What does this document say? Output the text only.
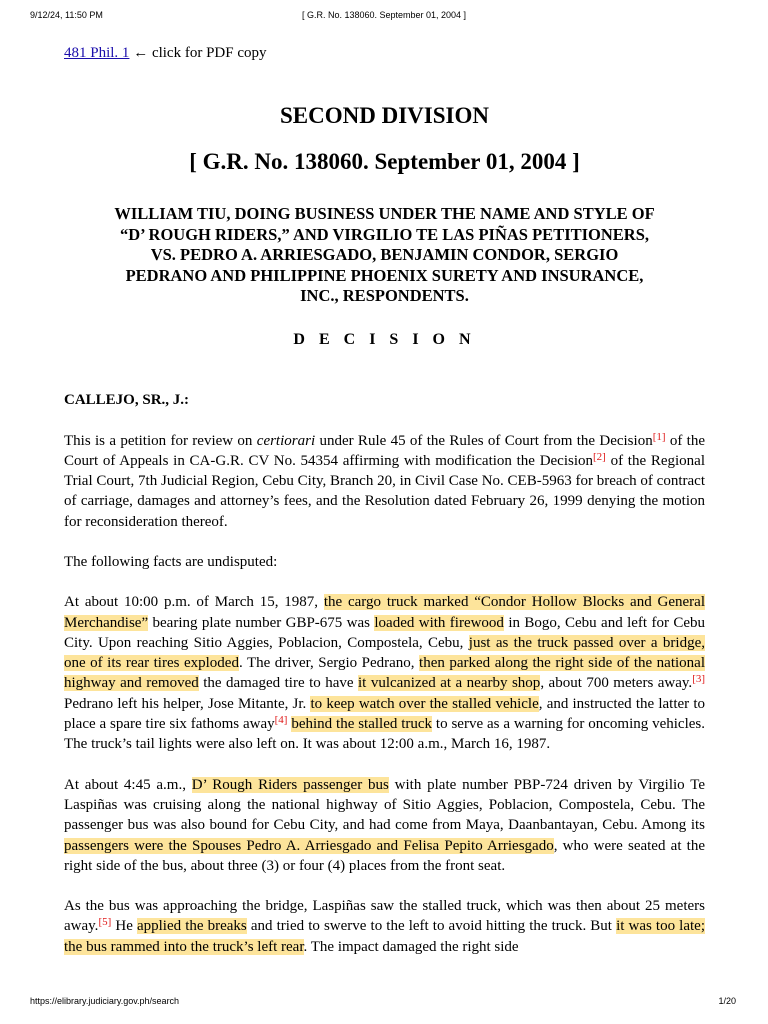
9/12/24, 11:50 PM	[ G.R. No. 138060. September 01, 2004 ]

481 Phil. 1 ← click for PDF copy

SECOND DIVISION
[ G.R. No. 138060. September 01, 2004 ]
WILLIAM TIU, DOING BUSINESS UNDER THE NAME AND STYLE OF
“D’ ROUGH RIDERS,” AND VIRGILIO TE LAS PIÑAS PETITIONERS,
VS. PEDRO A. ARRIESGADO, BENJAMIN CONDOR, SERGIO
PEDRANO AND PHILIPPINE PHOENIX SURETY AND INSURANCE,
INC., RESPONDENTS.
D E C I S I O N
CALLEJO, SR., J.:

This is a petition for review on certiorari under Rule 45 of the Rules of Court from the Decision[1] of the Court of Appeals in CA-G.R. CV No. 54354 affirming with modification the Decision[2] of the Regional Trial Court, 7th Judicial Region, Cebu City, Branch 20, in Civil Case No. CEB-5963 for breach of contract of carriage, damages and attorney’s fees, and the Resolution dated February 26, 1999 denying the motion for reconsideration thereof.

The following facts are undisputed:

At about 10:00 p.m. of March 15, 1987, the cargo truck marked “Condor Hollow Blocks and General Merchandise” bearing plate number GBP-675 was loaded with firewood in Bogo, Cebu and left for Cebu City. Upon reaching Sitio Aggies, Poblacion, Compostela, Cebu, just as the truck passed over a bridge, one of its rear tires exploded. The driver, Sergio Pedrano, then parked along the right side of the national highway and removed the damaged tire to have it vulcanized at a nearby shop, about 700 meters away.[3] Pedrano left his helper, Jose Mitante, Jr. to keep watch over the stalled vehicle, and instructed the latter to place a spare tire six fathoms away[4] behind the stalled truck to serve as a warning for oncoming vehicles. The truck’s tail lights were also left on. It was about 12:00 a.m., March 16, 1987.

At about 4:45 a.m., D’ Rough Riders passenger bus with plate number PBP-724 driven by Virgilio Te Laspiñas was cruising along the national highway of Sitio Aggies, Poblacion, Compostela, Cebu. The passenger bus was also bound for Cebu City, and had come from Maya, Daanbantayan, Cebu. Among its passengers were the Spouses Pedro A. Arriesgado and Felisa Pepito Arriesgado, who were seated at the right side of the bus, about three (3) or four (4) places from the front seat.

As the bus was approaching the bridge, Laspiñas saw the stalled truck, which was then about 25 meters away.[5] He applied the breaks and tried to swerve to the left to avoid hitting the truck. But it was too late; the bus rammed into the truck’s left rear. The impact damaged the right side

https://elibrary.judiciary.gov.ph/search	1/20
